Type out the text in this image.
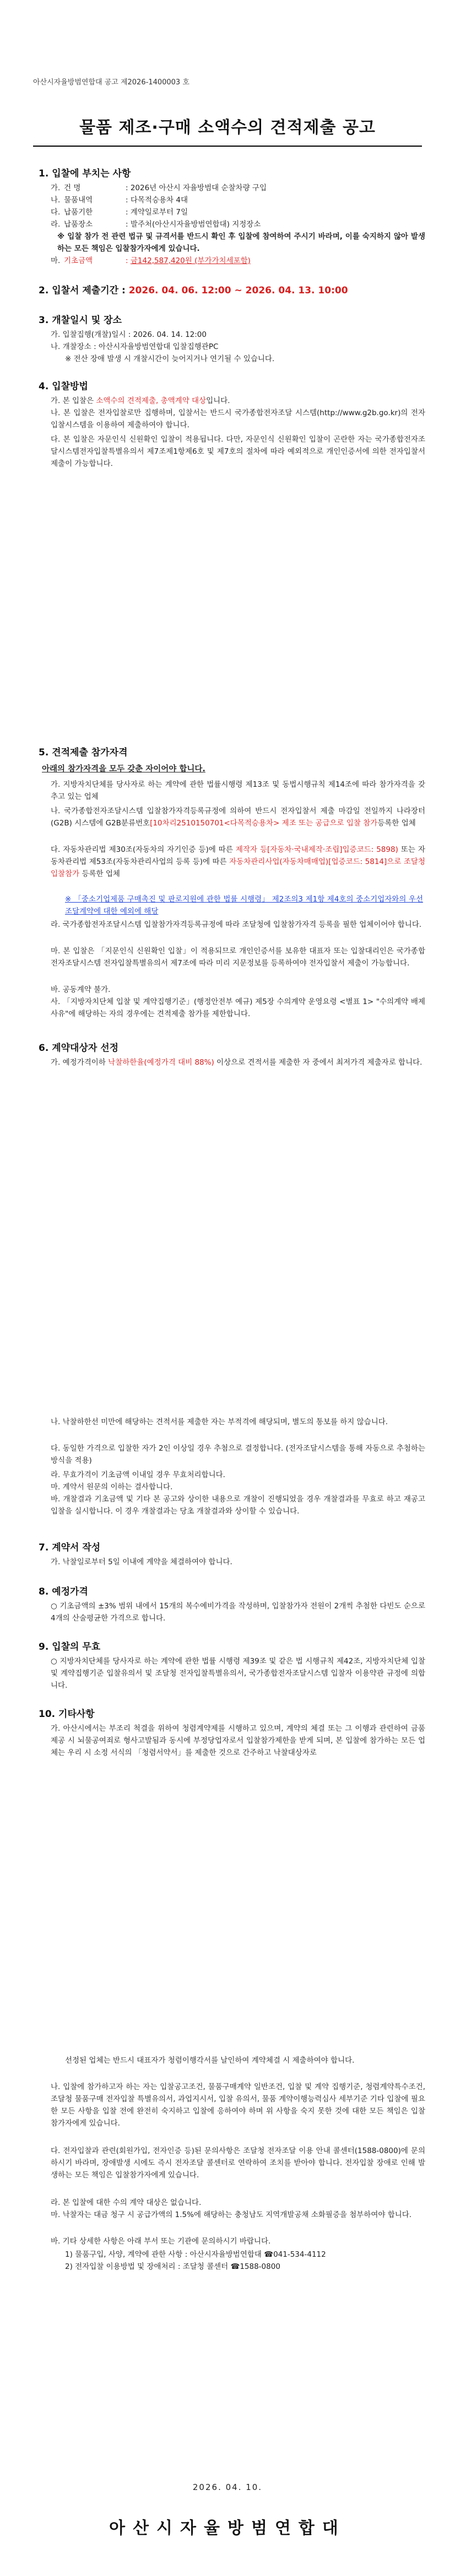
아산시자율방범연합대 공고 제2026-1400003 호
물품 제조·구매 소액수의 견적제출 공고
1. 입찰에 부치는 사항
가. 건 명	: 2026년 아산시 자율방범대 순찰차량 구입
나. 물품내역	: 다목적승용차 4대
다. 납품기한	: 계약일로부터 7일
라. 납품장소	: 발주처(아산시자율방범연합대) 지정장소

※ 입찰 참가 전 관련 법규 및 규격서를 반드시 확인 후 입찰에 참여하여 주시기 바라며, 이를 숙지하지 않아 발생하는 모든 책임은 입찰참가자에게 있습니다.

마. 기초금액	: 금142,587,420원 (부가가치세포함)
2. 입찰서 제출기간 : 2026. 04. 06. 12:00 ~ 2026. 04. 13. 10:00
3. 개찰일시 및 장소
가. 입찰집행(개찰)일시 : 2026. 04. 14. 12:00
나. 개찰장소 : 아산시자율방범연합대 입찰집행관PC
※ 전산 장애 발생 시 개찰시간이 늦어지거나 연기될 수 있습니다.
4. 입찰방법
가. 본 입찰은 소액수의 견적제출, 총액계약 대상입니다.

나. 본 입찰은 전자입찰로만 집행하며, 입찰서는 반드시 국가종합전자조달 시스템(http://www.g2b.go.kr)의 전자입찰시스템을 이용하여 제출하여야 합니다.

다. 본 입찰은 자문인식 신원확인 입찰이 적용됩니다. 다만, 자문인식 신원확인 입찰이 곤란한 자는 국가종합전자조달시스템전자입찰특별유의서 제7조제1항제6호 및 제7호의 절차에 따라 예외적으로 개인인증서에 의한 전자입찰서 제출이 가능합니다.

5. 견적제출 참가자격
아래의 참가자격을 모두 갖춘 자이어야 합니다.

가. 지방자치단체를 당사자로 하는 계약에 관한 법률시행령 제13조 및 동법시행규칙 제14조에 따라 참가자격을 갖추고 있는 업체

나. 국가종합전자조달시스템 입찰참가자격등록규정에 의하여 반드시 전자입찰서 제출 마감일 전일까지 나라장터(G2B) 시스템에 G2B분류번호[10차리2510150701<다목적승용차> 제조 또는 공급으로 입찰 참가등록한 업체

다. 자동차관리법 제30조(자동차의 자기인증 등)에 따른 제작자 등[자동차·국내제작·조립]입증코드: 5898) 또는 자동차관리법 제53조(자동차관리사업의 등록 등)에 따른 자동차관리사업(자동차매매업)[업증코드: 5814]으로 조달청 입찰참가 등록한 업체

※ 「중소기업제품 구매촉진 및 판로지원에 관한 법률 시행령」 제2조의3 제1항 제4호의 중소기업자와의 우선조달계약에 대한 예외에 해당

라. 국가종합전자조달시스템 입찰참가자격등록규정에 따라 조달청에 입찰참가자격 등록을 필한 업체이어야 합니다.

마. 본 입찰은 「지문인식 신원확인 입찰」이 적용되므로 개인인증서를 보유한 대표자 또는 입찰대리인은 국가종합전자조달시스템 전자입찰특별유의서 제7조에 따라 미리 지문정보를 등록하여야 전자입찰서 제출이 가능합니다.

바. 공동계약 불가.

사. 「지방자치단체 입찰 및 계약집행기준」(행정안전부 예규) 제5장 수의계약 운영요령 <별표 1> "수의계약 배제사유"에 해당하는 자의 경우에는 견적제출 참가를 제한합니다.

6. 계약대상자 선정

가. 예정가격이하 낙찰하한율(예정가격 대비 88%) 이상으로 견적서를 제출한 자 중에서 최저가격 제출자로 합니다.

나. 낙찰하한선 미만에 해당하는 견적서를 제출한 자는 부적격에 해당되며, 별도의 통보를 하지 않습니다.

다. 동일한 가격으로 입찰한 자가 2인 이상일 경우 추첨으로 결정합니다. (전자조달시스템을 통해 자동으로 추첨하는 방식을 적용)

라. 무효가격이 기초금액 이내일 경우 무효처리합니다.
마. 계약서 원문의 이하는 결사합니다.

바. 개찰결과 기초금액 및 기타 본 공고와 상이한 내용으로 개찰이 진행되었을 경우 개찰결과를 무효로 하고 재공고 입찰을 실시합니다. 이 경우 개찰결과는 당초 개찰결과와 상이할 수 있습니다.

7. 계약서 작성
가. 낙찰일로부터 5일 이내에 계약을 체결하여야 합니다.
8. 예정가격

○ 기초금액의 ±3% 범위 내에서 15개의 복수예비가격을 작성하며, 입찰참가자 전원이 2개씩 추첨한 다빈도 순으로 4개의 산술평균한 가격으로 합니다.

9. 입찰의 무효

○ 지방자치단체를 당사자로 하는 계약에 관한 법률 시행령 제39조 및 같은 법 시행규칙 제42조, 지방자치단체 입찰 및 계약집행기준 입찰유의서 및 조달청 전자입찰특별유의서, 국가종합전자조달시스템 입찰자 이용약관 규정에 의합니다.

10. 기타사항

가. 아산시에서는 부조리 척결을 위하여 청렴계약제를 시행하고 있으며, 계약의 체결 또는 그 이행과 관련하여 금품제공 시 뇌물공여죄로 형사고발됨과 동시에 부정당업자로서 입찰참가제한을 받게 되며, 본 입찰에 참가하는 모든 업체는 우리 시 소정 서식의 「청렴서약서」를 제출한 것으로 간주하고 낙찰대상자로

선정된 업체는 반드시 대표자가 청렴이행각서를 날인하여 계약체결 시 제출하여야 합니다.

나. 입찰에 참가하고자 하는 자는 입찰공고조건, 물품구매계약 일반조건, 입찰 및 계약 집행기준, 청렴계약특수조건, 조달청 물품구매 전자입찰 특별유의서, 과업지시서, 입찰 유의서, 물품 계약이행능력심사 세부기준 기타 입찰에 필요한 모든 사항을 입찰 전에 완전히 숙지하고 입찰에 응하여야 하며 위 사항을 숙지 못한 것에 대한 모든 책임은 입찰 참가자에게 있습니다.

다. 전자입찰과 관련(회원가입, 전자인증 등)된 문의사항은 조달청 전자조달 이용 안내 콜센터(1588-0800)에 문의하시기 바라며, 장애발생 시에도 즉시 전자조달 콜센터로 연락하여 조치를 받아야 합니다. 전자입찰 장애로 인해 발생하는 모든 책임은 입찰참가자에게 있습니다.

라. 본 입찰에 대한 수의 계약 대상은 없습니다.

마. 낙찰자는 대금 청구 시 공급가액의 1.5%에 해당하는 충청남도 지역개발공채 소화필증을 첨부하여야 합니다.

바. 기타 상세한 사항은 아래 부서 또는 기관에 문의하시기 바랍니다.
1) 물품구입, 사양, 계약에 관한 사항 : 아산시자율방범연합대 ☎041-534-4112
2) 전자입찰 이용방법 및 장애처리 : 조달청 콜센터 ☎1588-0800
2026. 04. 10.
아산시자율방범연합대
